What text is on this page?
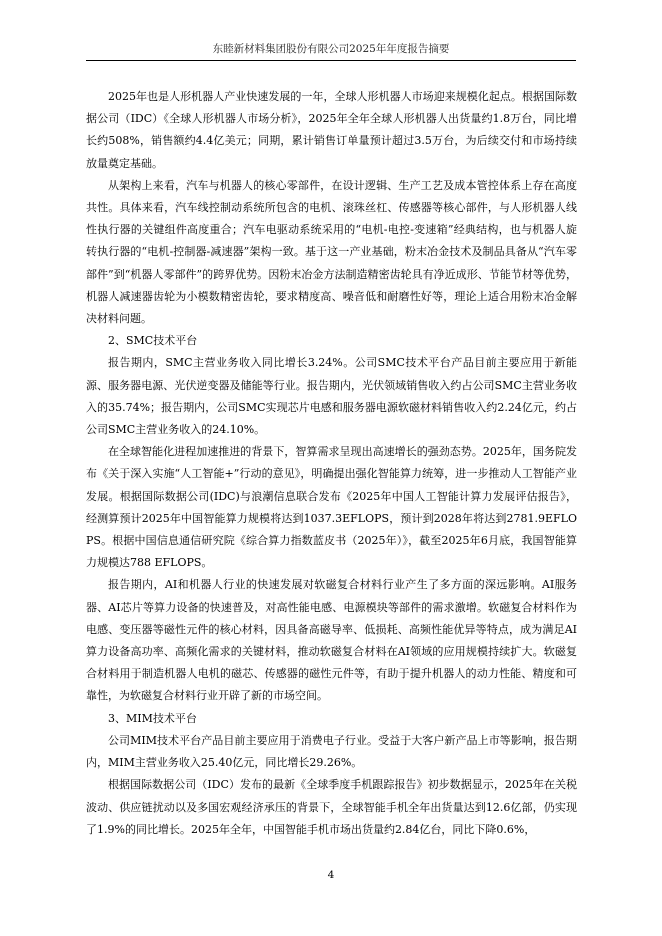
东睦新材料集团股份有限公司2025年年度报告摘要

2025年也是人形机器人产业快速发展的一年，全球人形机器人市场迎来规模化起点。根据国际数据公司（IDC）《全球人形机器人市场分析》，2025年全年全球人形机器人出货量约1.8万台，同比增长约508%，销售额约4.4亿美元；同期，累计销售订单量预计超过3.5万台，为后续交付和市场持续放量奠定基础。

从架构上来看，汽车与机器人的核心零部件，在设计逻辑、生产工艺及成本管控体系上存在高度共性。具体来看，汽车线控制动系统所包含的电机、滚珠丝杠、传感器等核心部件，与人形机器人线性执行器的关键组件高度重合；汽车电驱动系统采用的“电机-电控-变速箱”经典结构，也与机器人旋转执行器的“电机-控制器-减速器”架构一致。基于这一产业基础，粉末冶金技术及制品具备从“汽车零部件”到“机器人零部件”的跨界优势。因粉末冶金方法制造精密齿轮具有净近成形、节能节材等优势，机器人减速器齿轮为小模数精密齿轮，要求精度高、噪音低和耐磨性好等，理论上适合用粉末冶金解决材料问题。

2、SMC技术平台

报告期内，SMC主营业务收入同比增长3.24%。公司SMC技术平台产品目前主要应用于新能源、服务器电源、光伏逆变器及储能等行业。报告期内，光伏领域销售收入约占公司SMC主营业务收入的35.74%；报告期内，公司SMC实现芯片电感和服务器电源软磁材料销售收入约2.24亿元，约占公司SMC主营业务收入的24.10%。

在全球智能化进程加速推进的背景下，智算需求呈现出高速增长的强劲态势。2025年，国务院发布《关于深入实施“人工智能+”行动的意见》，明确提出强化智能算力统筹，进一步推动人工智能产业发展。根据国际数据公司(IDC)与浪潮信息联合发布《2025年中国人工智能计算力发展评估报告》，经测算预计2025年中国智能算力规模将达到1037.3EFLOPS，预计到2028年将达到2781.9EFLOPS。根据中国信息通信研究院《综合算力指数蓝皮书（2025年）》，截至2025年6月底，我国智能算力规模达788 EFLOPS。

报告期内，AI和机器人行业的快速发展对软磁复合材料行业产生了多方面的深远影响。AI服务器、AI芯片等算力设备的快速普及，对高性能电感、电源模块等部件的需求激增。软磁复合材料作为电感、变压器等磁性元件的核心材料，因具备高磁导率、低损耗、高频性能优异等特点，成为满足AI算力设备高功率、高频化需求的关键材料，推动软磁复合材料在AI领域的应用规模持续扩大。软磁复合材料用于制造机器人电机的磁芯、传感器的磁性元件等，有助于提升机器人的动力性能、精度和可靠性，为软磁复合材料行业开辟了新的市场空间。

3、MIM技术平台

公司MIM技术平台产品目前主要应用于消费电子行业。受益于大客户新产品上市等影响，报告期内，MIM主营业务收入25.40亿元，同比增长29.26%。

根据国际数据公司（IDC）发布的最新《全球季度手机跟踪报告》初步数据显示，2025年在关税波动、供应链扰动以及多国宏观经济承压的背景下，全球智能手机全年出货量达到12.6亿部，仍实现了1.9%的同比增长。2025年全年，中国智能手机市场出货量约2.84亿台，同比下降0.6%，

4
